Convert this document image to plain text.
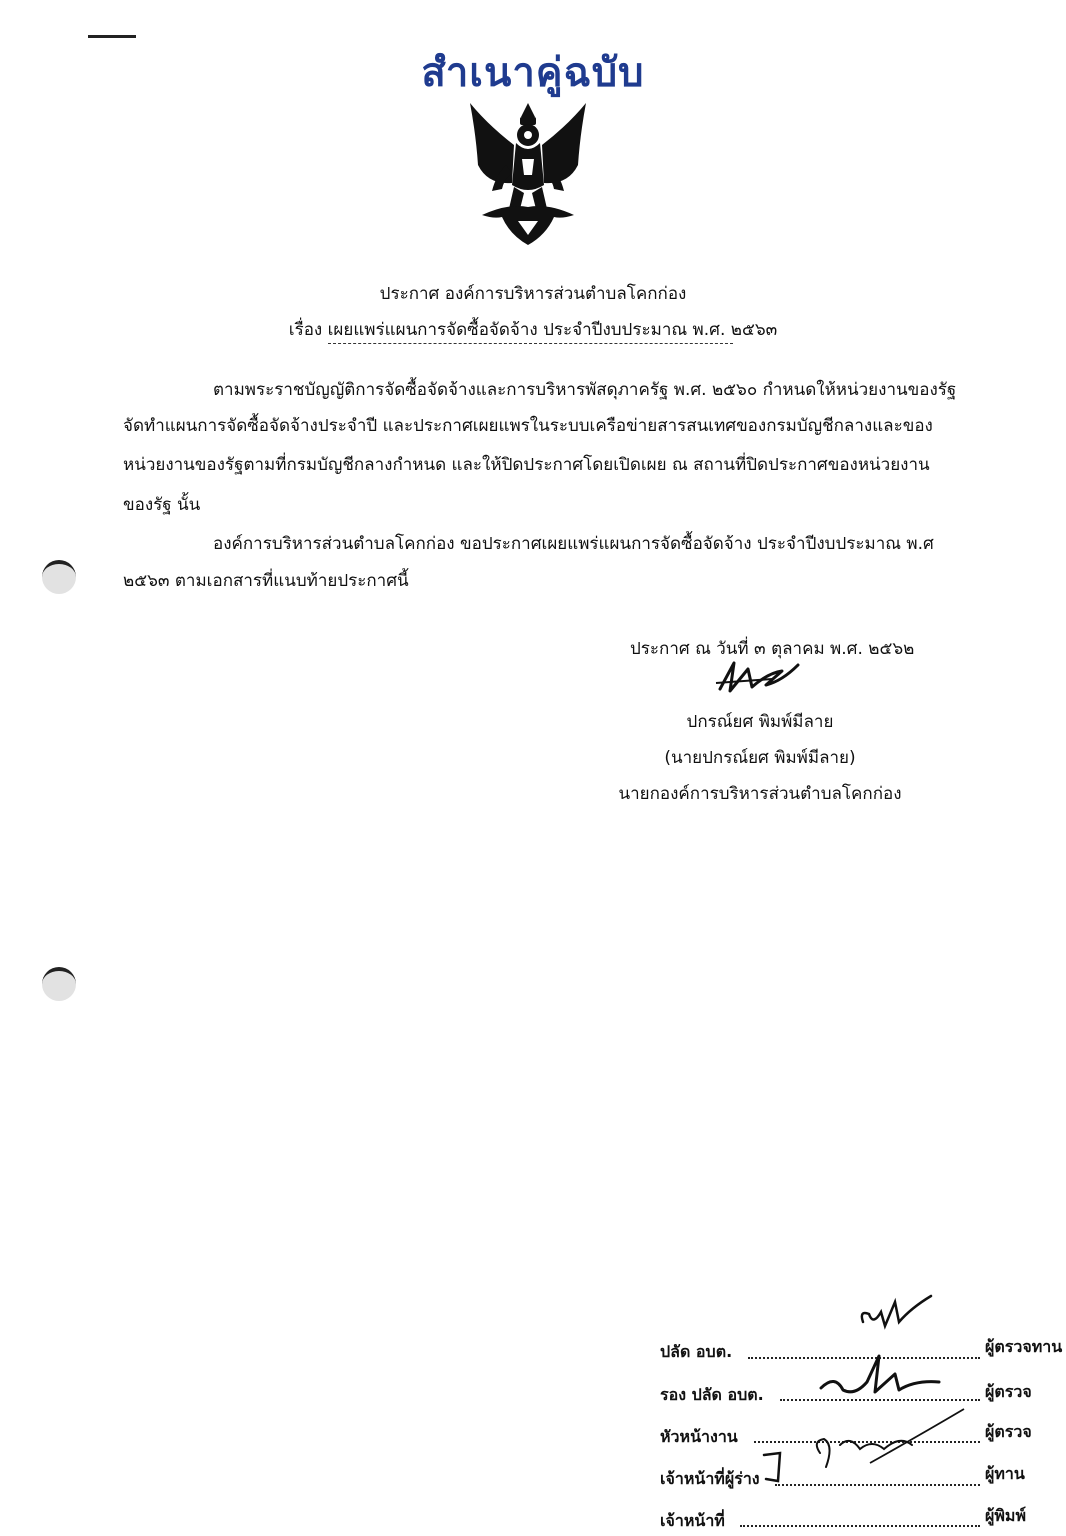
สำเนาคู่ฉบับ
ประกาศ องค์การบริหารส่วนตำบลโคกก่อง
เรื่อง เผยแพร่แผนการจัดซื้อจัดจ้าง ประจำปีงบประมาณ พ.ศ. ๒๕๖๓
ตามพระราชบัญญัติการจัดซื้อจัดจ้างและการบริหารพัสดุภาครัฐ พ.ศ. ๒๕๖๐ กำหนดให้หน่วยงานของรัฐ
จัดทำแผนการจัดซื้อจัดจ้างประจำปี และประกาศเผยแพรในระบบเครือข่ายสารสนเทศของกรมบัญชีกลางและของ
หน่วยงานของรัฐตามที่กรมบัญชีกลางกำหนด และให้ปิดประกาศโดยเปิดเผย ณ สถานที่ปิดประกาศของหน่วยงาน
ของรัฐ นั้น
องค์การบริหารส่วนตำบลโคกก่อง ขอประกาศเผยแพร่แผนการจัดซื้อจัดจ้าง ประจำปีงบประมาณ พ.ศ
๒๕๖๓ ตามเอกสารที่แนบท้ายประกาศนี้
ประกาศ ณ วันที่ ๓ ตุลาคม พ.ศ. ๒๕๖๒
ปกรณ์ยศ พิมพ์มีลาย
(นายปกรณ์ยศ พิมพ์มีลาย)
นายกองค์การบริหารส่วนตำบลโคกก่อง
ปลัด อบต.	ผู้ตรวจทาน
รอง ปลัด อบต.	ผู้ตรวจ
หัวหน้างาน	ผู้ตรวจ
เจ้าหน้าที่ผู้ร่าง	ผู้ทาน
เจ้าหน้าที่	ผู้พิมพ์
